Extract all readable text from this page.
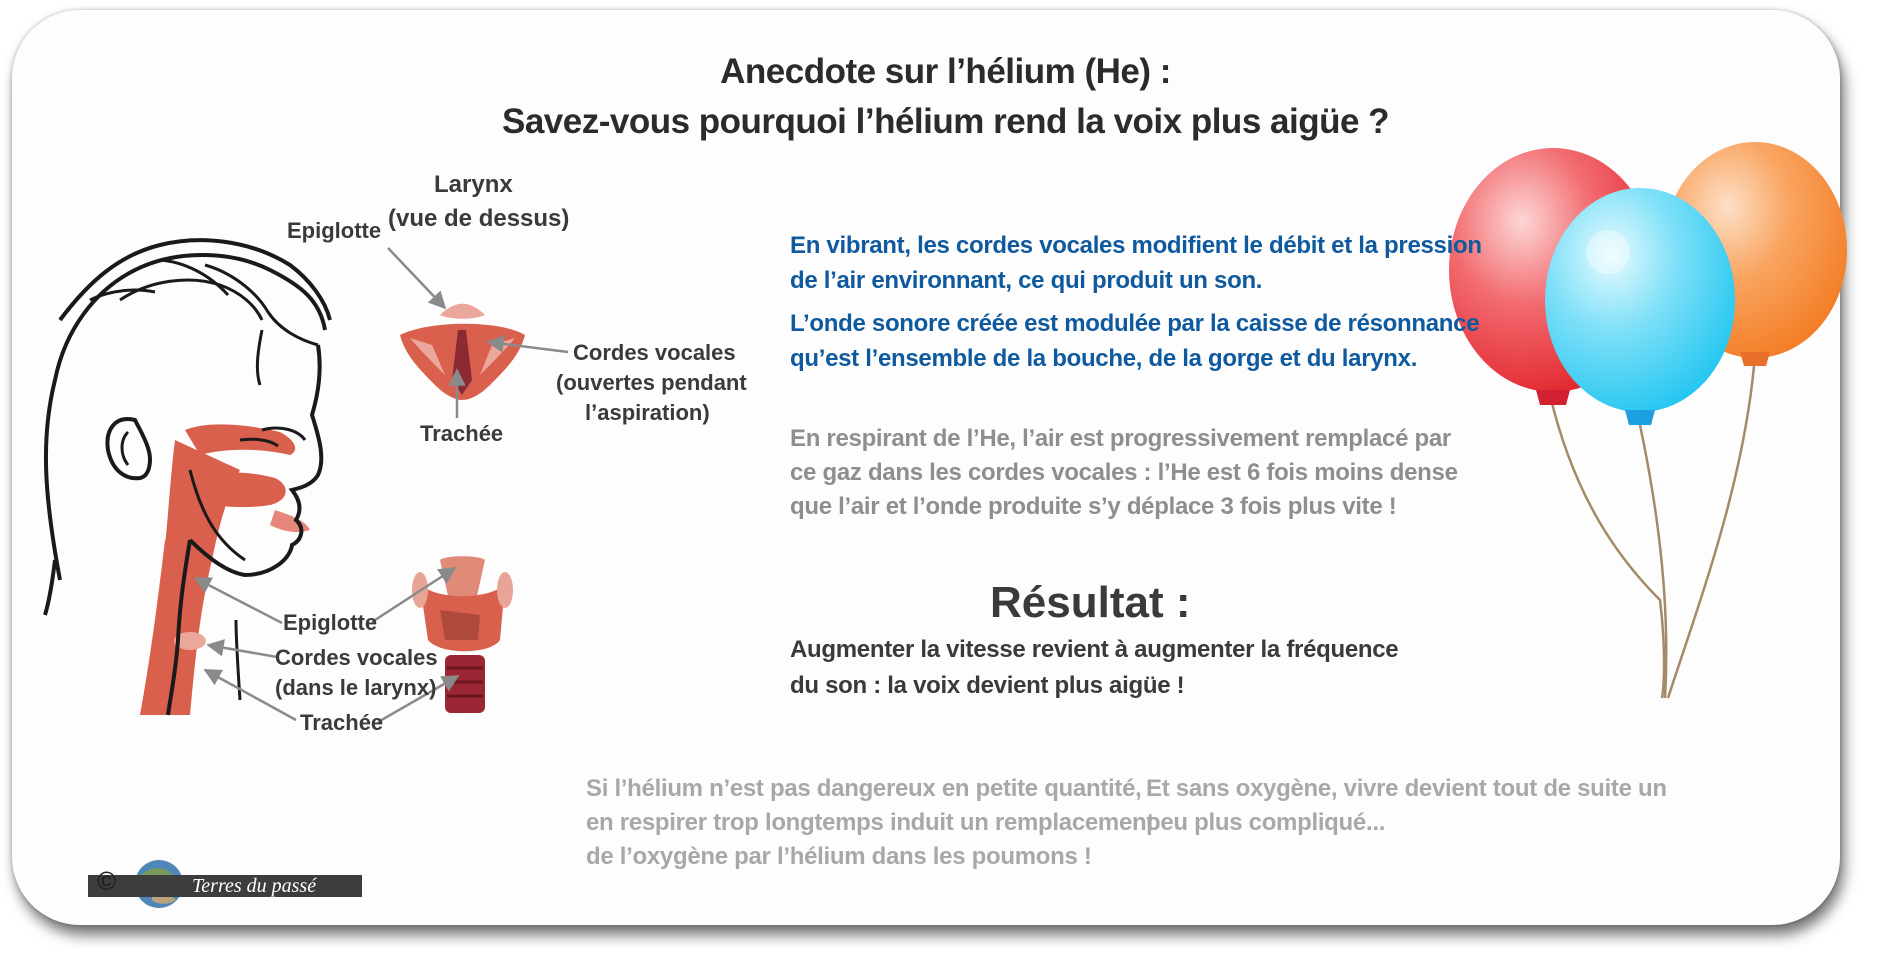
Anecdote sur l’hélium (He) :
Savez-vous pourquoi l’hélium rend la voix plus aigüe ?
Larynx
(vue de dessus)
Epiglotte
Cordes vocales
(ouvertes pendant
l’aspiration)
Trachée
Epiglotte
Cordes vocales
(dans le larynx)
Trachée
En vibrant, les cordes vocales modifient le débit et la pression
de l’air environnant, ce qui produit un son.
L’onde sonore créée est modulée par la caisse de résonnance
qu’est l’ensemble de la bouche, de la gorge et du larynx.
En respirant de l’He, l’air est progressivement remplacé par
ce gaz dans les cordes vocales : l’He est 6 fois moins dense
que l’air et l’onde produite s’y déplace 3 fois plus vite !
Résultat :
Augmenter la vitesse revient à augmenter la fréquence
du son : la voix devient plus aigüe !
Si l’hélium n’est pas dangereux en petite quantité,
en respirer trop longtemps induit un remplacement
de l’oxygène par l’hélium dans les poumons !
Et sans oxygène, vivre devient tout de suite un
peu plus compliqué...
Terres du passé
©
